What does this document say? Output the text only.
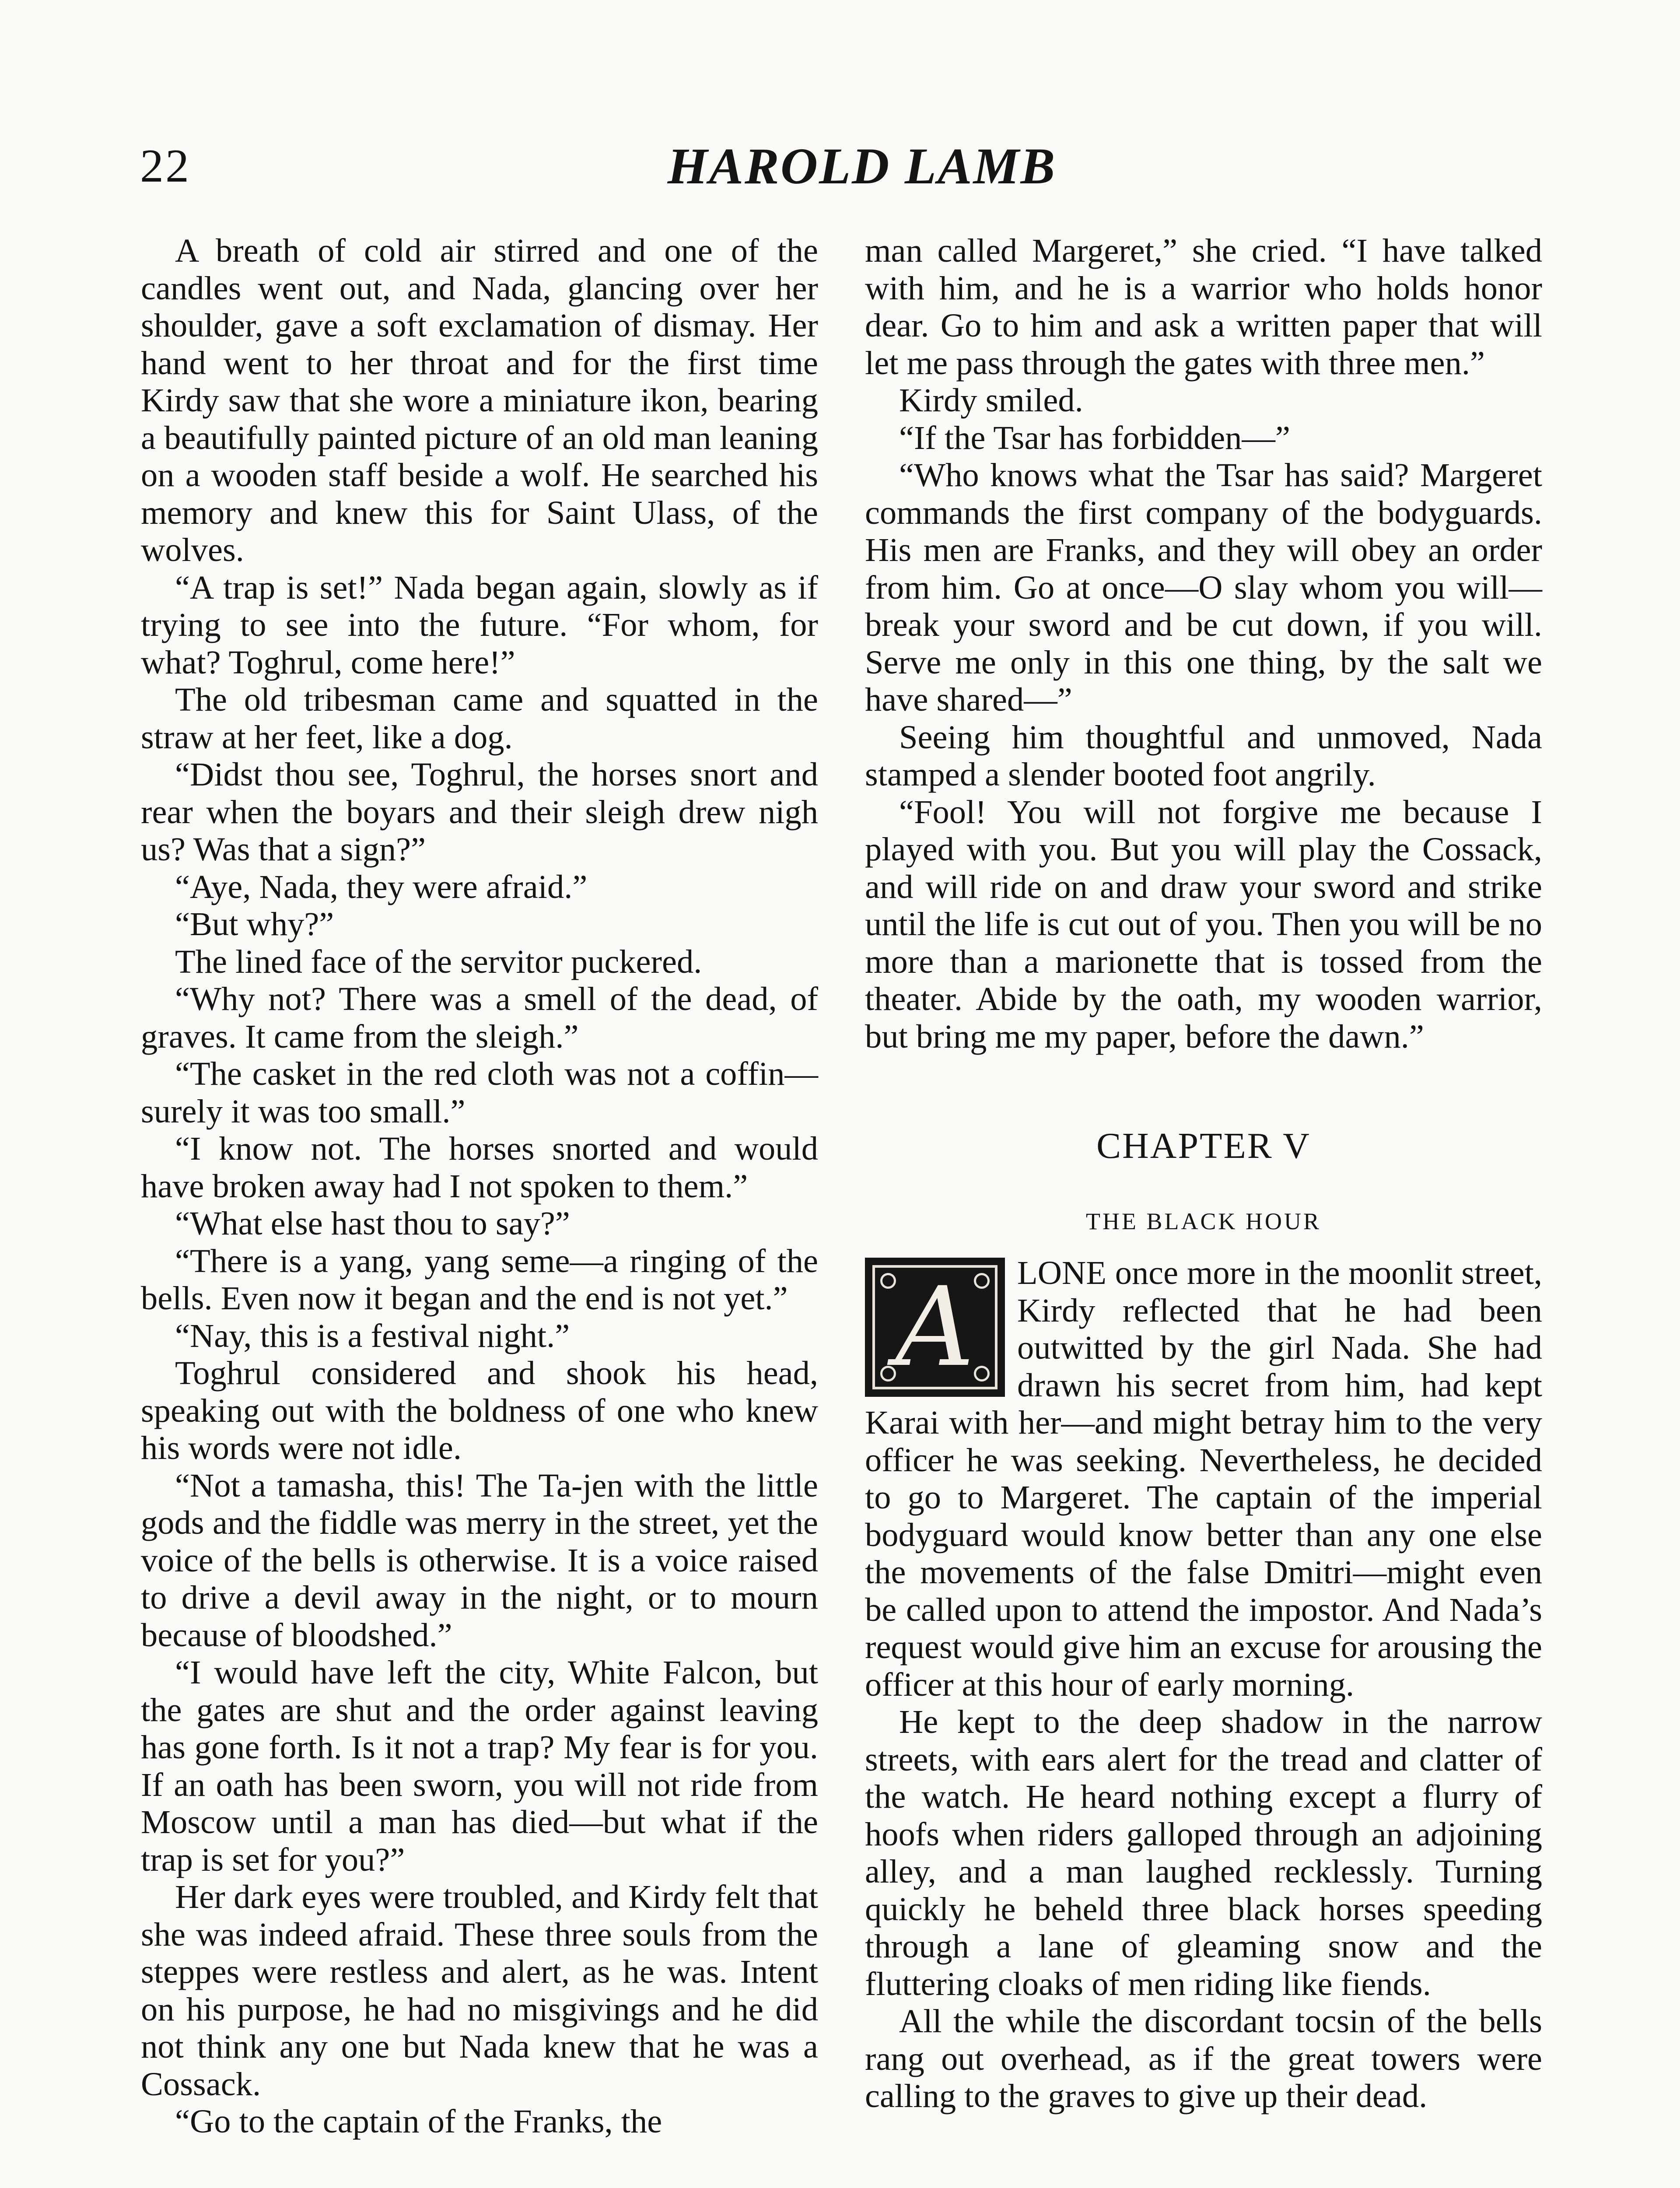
22	HAROLD LAMB

A breath of cold air stirred and one of the candles went out, and Nada, glancing over her shoulder, gave a soft exclamation of dismay. Her hand went to her throat and for the first time Kirdy saw that she wore a miniature ikon, bearing a beautifully painted picture of an old man leaning on a wooden staff beside a wolf. He searched his memory and knew this for Saint Ulass, of the wolves.

“A trap is set!” Nada began again, slowly as if trying to see into the future. “For whom, for what? Toghrul, come here!”

The old tribesman came and squatted in the straw at her feet, like a dog.

“Didst thou see, Toghrul, the horses snort and rear when the boyars and their sleigh drew nigh us? Was that a sign?”

“Aye, Nada, they were afraid.”

“But why?”

The lined face of the servitor puckered.

“Why not? There was a smell of the dead, of graves. It came from the sleigh.”

“The casket in the red cloth was not a coffin—surely it was too small.”

“I know not. The horses snorted and would have broken away had I not spoken to them.”

“What else hast thou to say?”

“There is a yang, yang seme—a ringing of the bells. Even now it began and the end is not yet.”

“Nay, this is a festival night.”

Toghrul considered and shook his head, speaking out with the boldness of one who knew his words were not idle.

“Not a tamasha, this! The Ta-jen with the little gods and the fiddle was merry in the street, yet the voice of the bells is otherwise. It is a voice raised to drive a devil away in the night, or to mourn because of bloodshed.”

“I would have left the city, White Falcon, but the gates are shut and the order against leaving has gone forth. Is it not a trap? My fear is for you. If an oath has been sworn, you will not ride from Moscow until a man has died—but what if the trap is set for you?”

Her dark eyes were troubled, and Kirdy felt that she was indeed afraid. These three souls from the steppes were restless and alert, as he was. Intent on his purpose, he had no misgivings and he did not think any one but Nada knew that he was a Cossack.

“Go to the captain of the Franks, the

man called Margeret,” she cried. “I have talked with him, and he is a warrior who holds honor dear. Go to him and ask a written paper that will let me pass through the gates with three men.”

Kirdy smiled.

“If the Tsar has forbidden—”

“Who knows what the Tsar has said? Margeret commands the first company of the bodyguards. His men are Franks, and they will obey an order from him. Go at once—O slay whom you will—break your sword and be cut down, if you will. Serve me only in this one thing, by the salt we have shared—”

Seeing him thoughtful and unmoved, Nada stamped a slender booted foot angrily.

“Fool! You will not forgive me because I played with you. But you will play the Cossack, and will ride on and draw your sword and strike until the life is cut out of you. Then you will be no more than a marionette that is tossed from the theater. Abide by the oath, my wooden warrior, but bring me my paper, before the dawn.”

CHAPTER V
THE BLACK HOUR
A	LONE once more in the moonlit street, Kirdy reflected that he had been outwitted by the girl Nada. She had drawn his secret from him, had kept Karai with her—and might betray him to the very officer he was seeking. Nevertheless, he decided to go to Margeret. The captain of the imperial bodyguard would know better than any one else the movements of the false Dmitri—might even be called upon to attend the impostor. And Nada’s request would give him an excuse for arousing the officer at this hour of early morning.

He kept to the deep shadow in the narrow streets, with ears alert for the tread and clatter of the watch. He heard nothing except a flurry of hoofs when riders galloped through an adjoining alley, and a man laughed recklessly. Turning quickly he beheld three black horses speeding through a lane of gleaming snow and the fluttering cloaks of men riding like fiends.

All the while the discordant tocsin of the bells rang out overhead, as if the great towers were calling to the graves to give up their dead.
